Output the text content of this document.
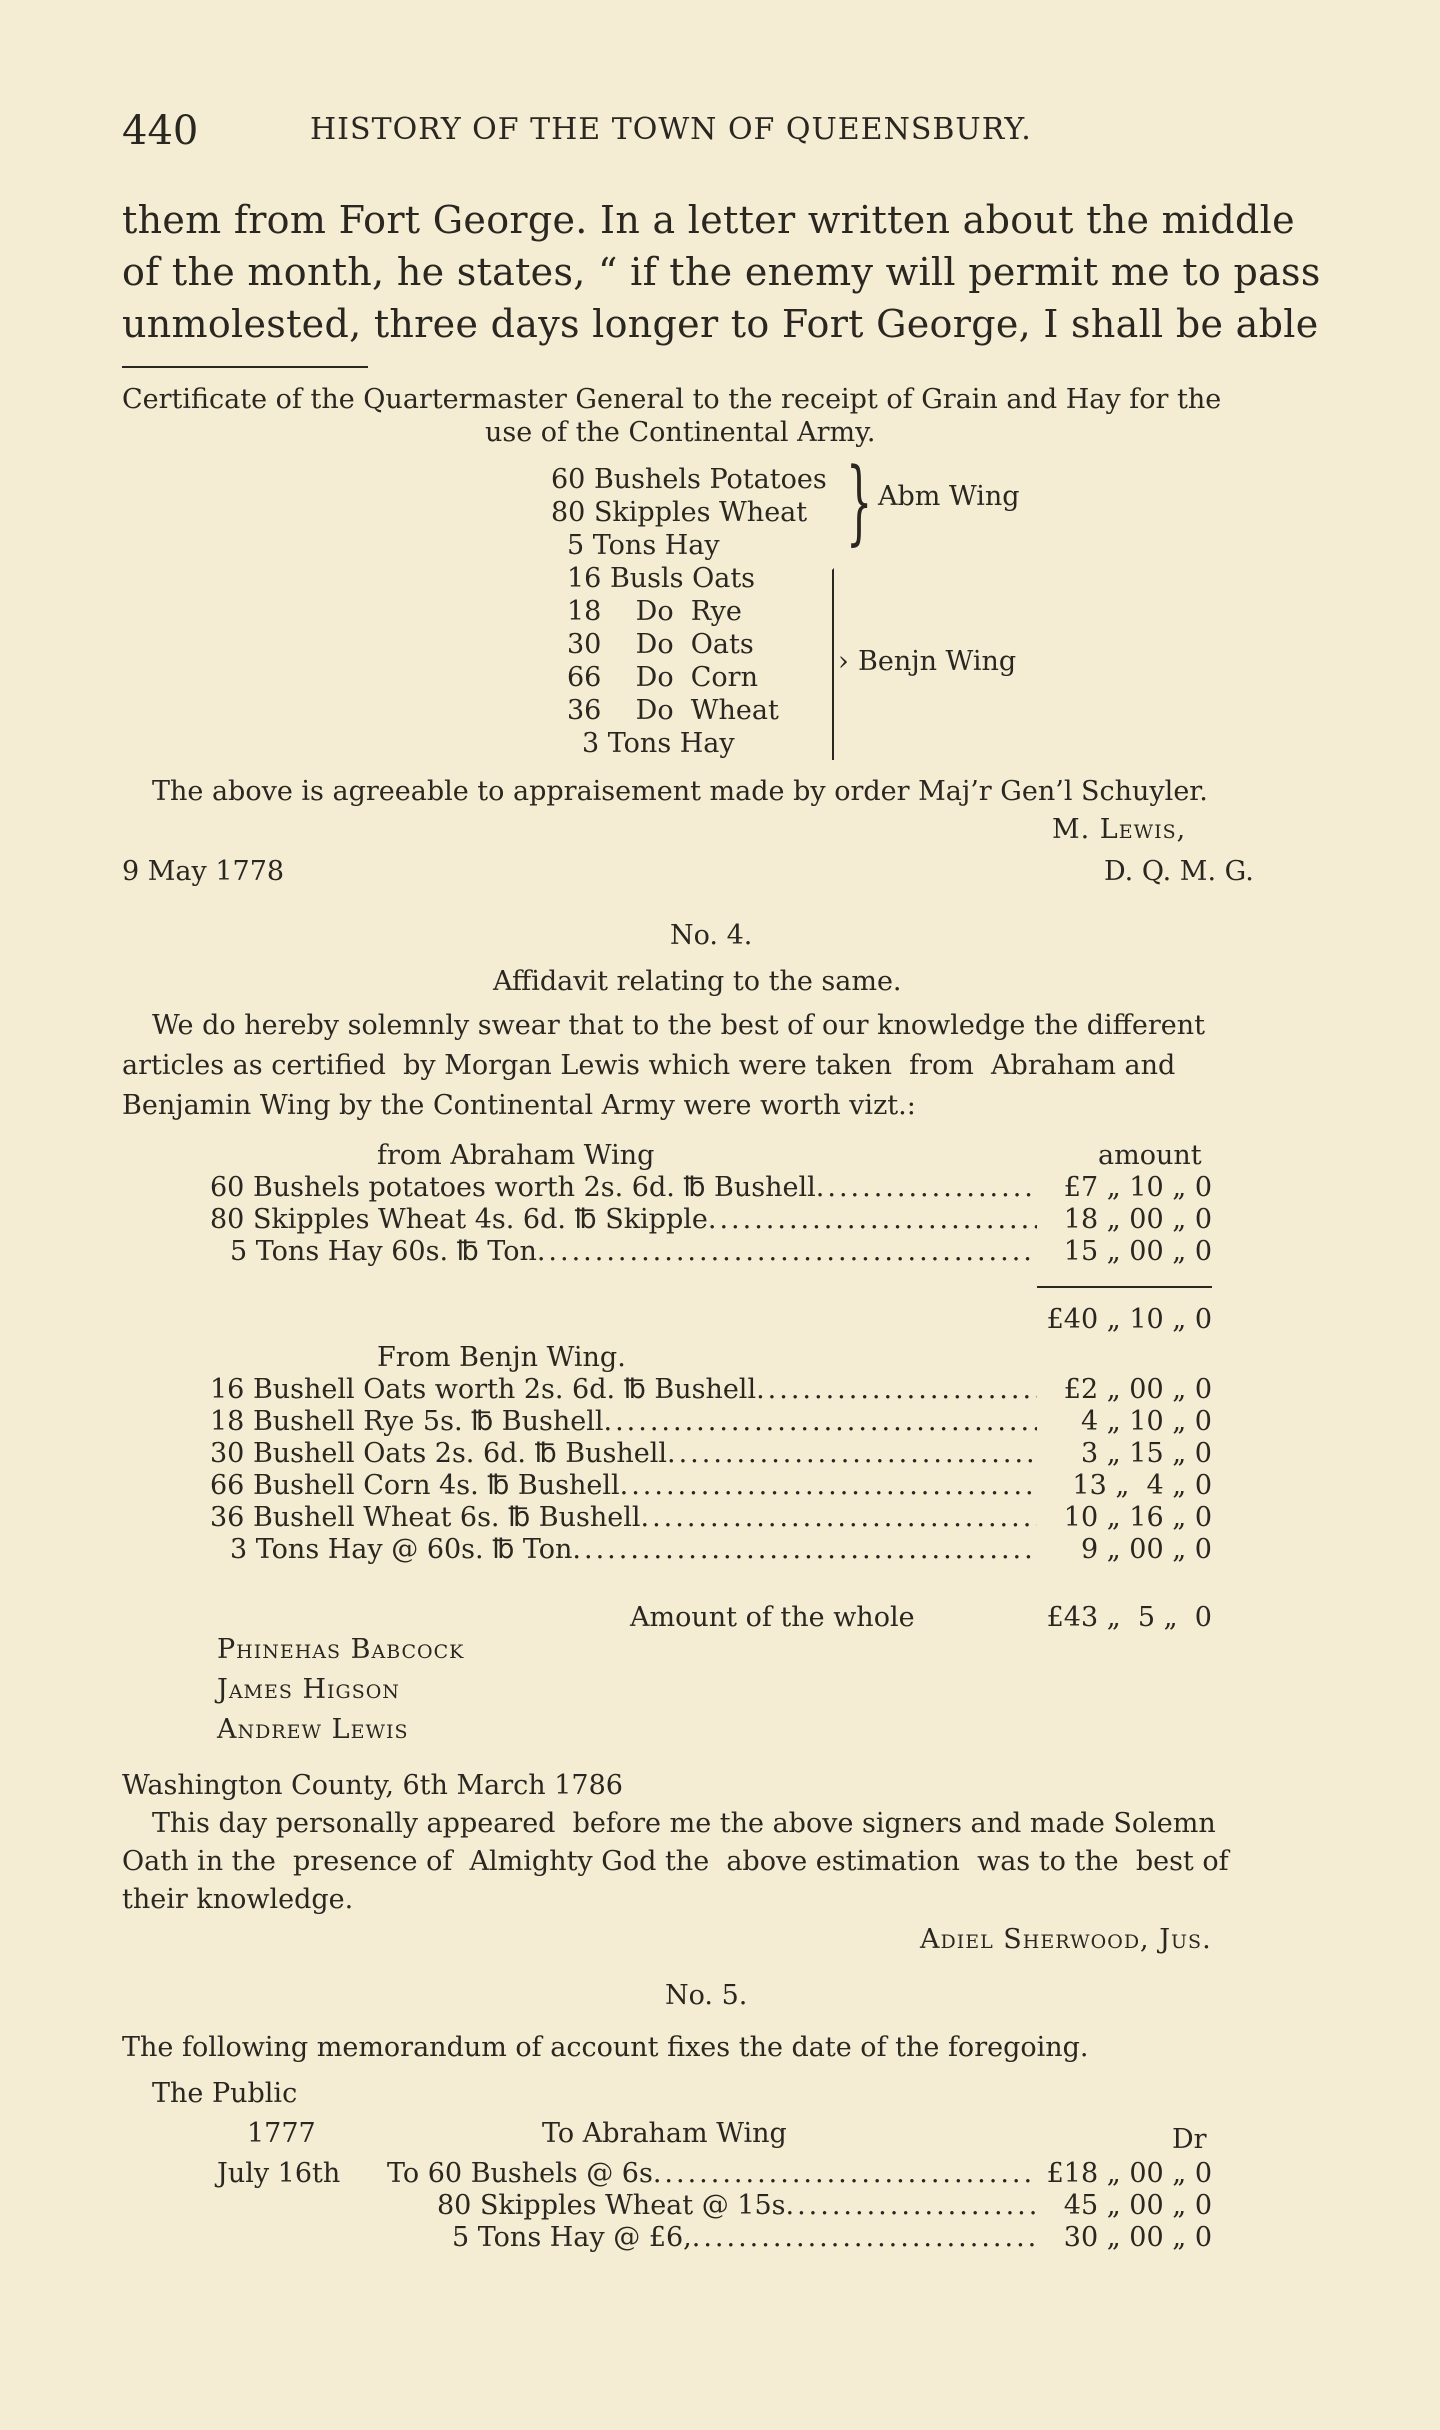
440	HISTORY OF THE TOWN OF QUEENSBURY.
them from Fort George. In a letter written about the middle
of the month, he states, “ if the enemy will permit me to pass
unmolested, three days longer to Fort George, I shall be able
Certificate of the Quartermaster General to the receipt of Grain and Hay for the
use of the Continental Army.
60 Bushels Potatoes
80 Skipples Wheat
5 Tons Hay } Abm Wing
16 Busls Oats
18    Do  Rye
30    Do  Oats
66    Do  Corn
36    Do  Wheat
3 Tons Hay
› Benjn Wing
The above is agreeable to appraisement made by order Maj’r Gen’l Schuyler.
M. Lewis,
9 May 1778	D. Q. M. G.
No. 4.
Affidavit relating to the same.
We do hereby solemnly swear that to the best of our knowledge the different
articles as certified  by Morgan Lewis which were taken  from  Abraham and
Benjamin Wing by the Continental Army were worth vizt.:
from Abraham Wing	amount
60 Bushels potatoes worth 2s. 6d. ℔ Bushell .....	£7 „ 10 „ 0
80 Skipples Wheat 4s. 6d. ℔ Skipple .....	18 „ 00 „ 0
5 Tons Hay 60s. ℔ Ton .....	15 „ 00 „ 0
£40 „ 10 „ 0
From Benjn Wing.
16 Bushell Oats worth 2s. 6d. ℔ Bushell .....	£2 „ 00 „ 0
18 Bushell Rye 5s. ℔ Bushell .....	4 „ 10 „ 0
30 Bushell Oats 2s. 6d. ℔ Bushell .....	3 „ 15 „ 0
66 Bushell Corn 4s. ℔ Bushell .....	13 „  4 „ 0
36 Bushell Wheat 6s. ℔ Bushell .....	10 „ 16 „ 0
3 Tons Hay @ 60s. ℔ Ton .....	9 „ 00 „ 0
Amount of the whole	£43 „  5 „  0
Phinehas Babcock
James Higson
Andrew Lewis
Washington County, 6th March 1786
This day personally appeared  before me the above signers and made Solemn
Oath in the  presence of  Almighty God the  above estimation  was to the  best of
their knowledge.
Adiel Sherwood, Jus.
No. 5.
The following memorandum of account fixes the date of the foregoing.
The Public
1777	To Abraham Wing	Dr
July 16th To 60 Bushels @ 6s .....	£18 „ 00 „ 0
80 Skipples Wheat @ 15s .....	45 „ 00 „ 0
5 Tons Hay @ £6, .....	30 „ 00 „ 0
